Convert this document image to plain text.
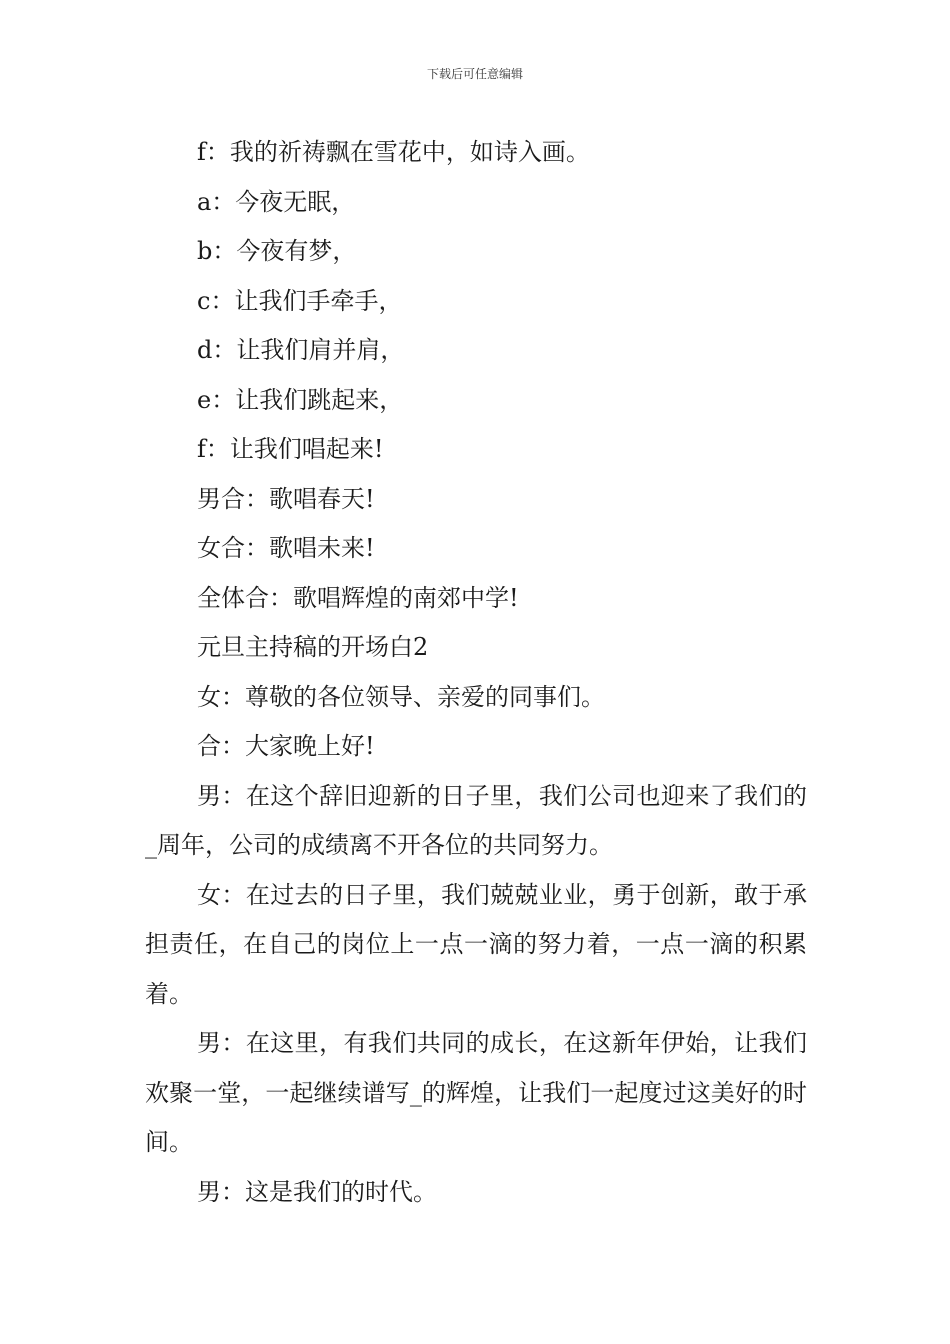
下载后可任意编辑

f：我的祈祷飘在雪花中，如诗入画。

a：今夜无眠，

b：今夜有梦，

c：让我们手牵手，

d：让我们肩并肩，

e：让我们跳起来，

f：让我们唱起来!

男合：歌唱春天!

女合：歌唱未来!

全体合：歌唱辉煌的南郊中学!

元旦主持稿的开场白2

女：尊敬的各位领导、亲爱的同事们。

合：大家晚上好!

男：在这个辞旧迎新的日子里，我们公司也迎来了我们的_周年，公司的成绩离不开各位的共同努力。

女：在过去的日子里，我们兢兢业业，勇于创新，敢于承担责任，在自己的岗位上一点一滴的努力着，一点一滴的积累着。

男：在这里，有我们共同的成长，在这新年伊始，让我们欢聚一堂，一起继续谱写_的辉煌，让我们一起度过这美好的时间。

男：这是我们的时代。
